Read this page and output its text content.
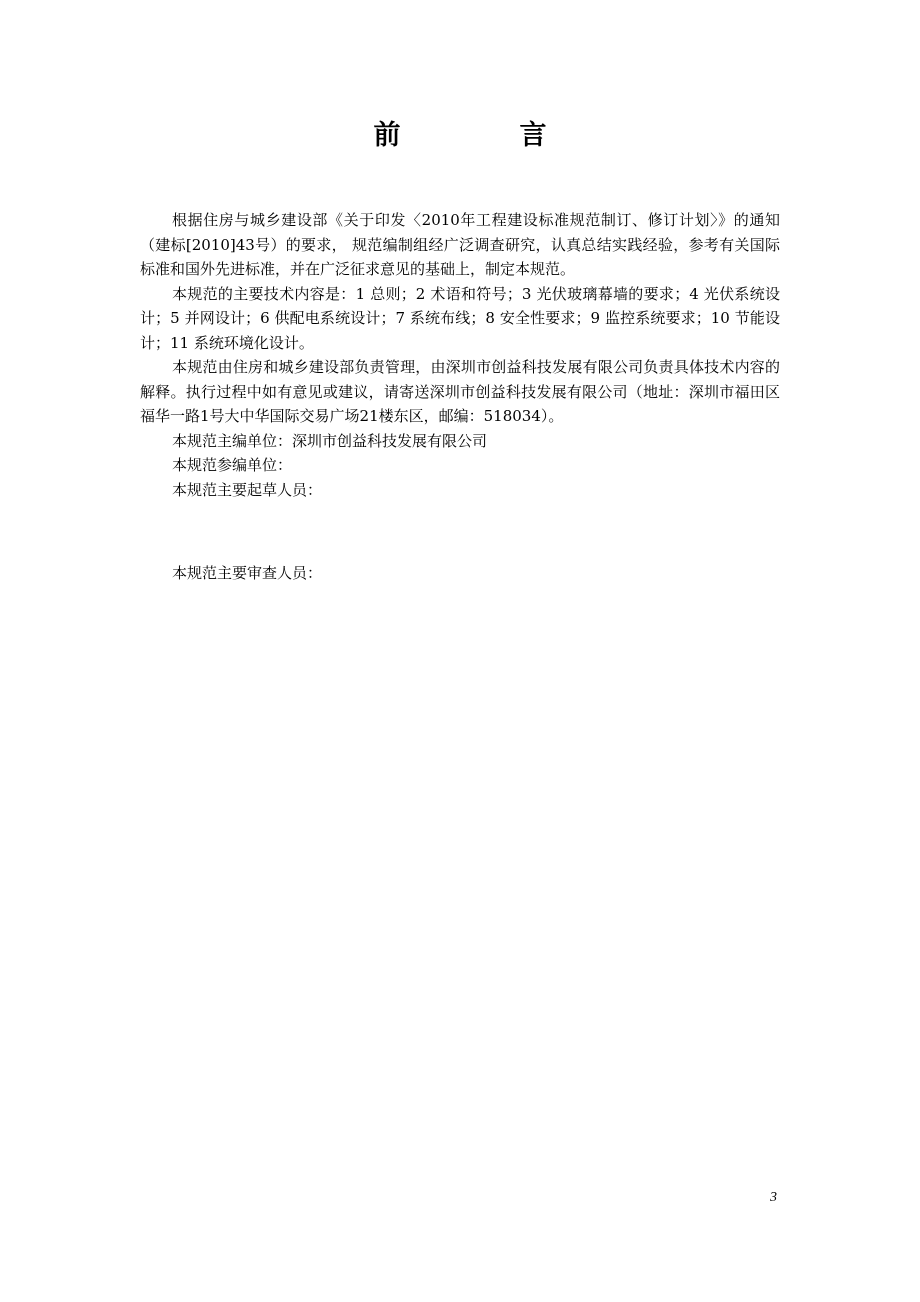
前　言

根据住房与城乡建设部《关于印发〈2010年工程建设标准规范制订、修订计划〉》的通知（建标[2010]43号）的要求， 规范编制组经广泛调查研究，认真总结实践经验，参考有关国际标准和国外先进标准，并在广泛征求意见的基础上，制定本规范。

本规范的主要技术内容是：1 总则；2 术语和符号；3 光伏玻璃幕墙的要求；4 光伏系统设计；5 并网设计；6 供配电系统设计；7 系统布线；8 安全性要求；9 监控系统要求；10 节能设计；11 系统环境化设计。

本规范由住房和城乡建设部负责管理，由深圳市创益科技发展有限公司负责具体技术内容的解释。执行过程中如有意见或建议，请寄送深圳市创益科技发展有限公司（地址：深圳市福田区福华一路1号大中华国际交易广场21楼东区，邮编：518034）。

本规范主编单位：深圳市创益科技发展有限公司

本规范参编单位：

本规范主要起草人员：

本规范主要审查人员：

3
